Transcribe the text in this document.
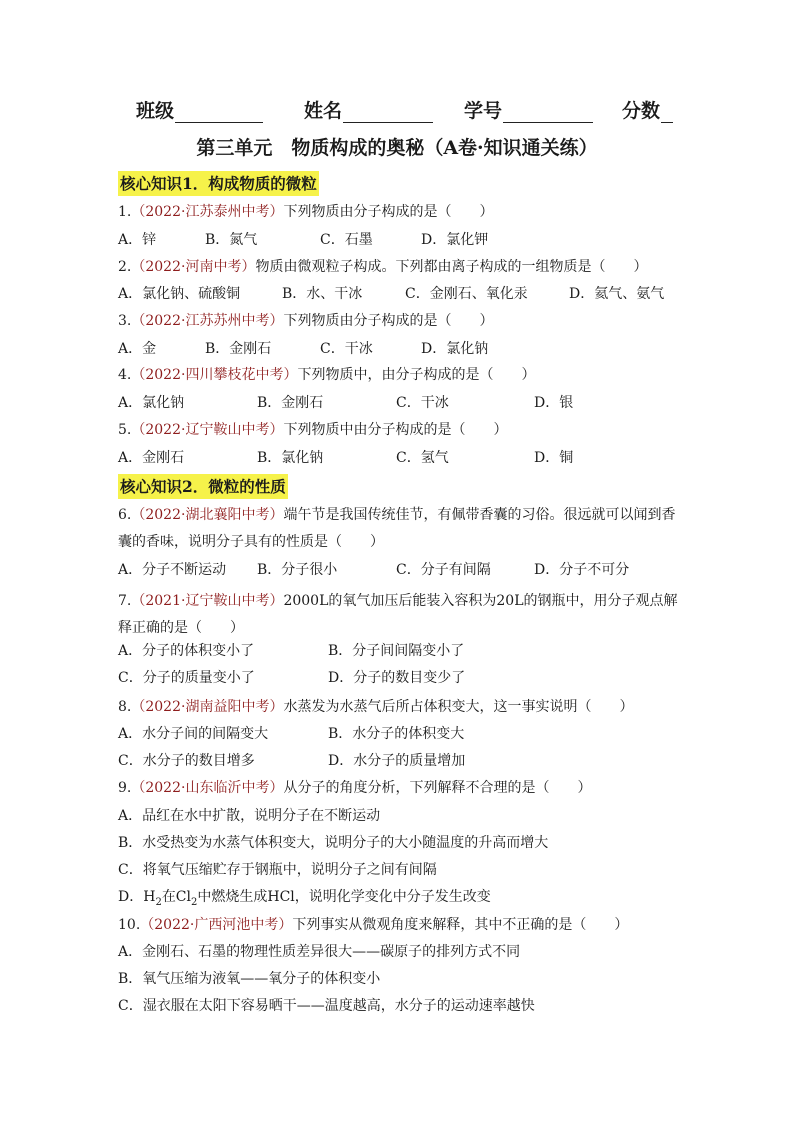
班级	姓名	学号	分数
第三单元　物质构成的奥秘（A卷·知识通关练）
核心知识1．构成物质的微粒
1.（2022·江苏泰州中考）下列物质由分子构成的是（　　）
A．锌	B．氮气	C．石墨	D．氯化钾
2.（2022·河南中考）物质由微观粒子构成。下列都由离子构成的一组物质是（　　）
A．氯化钠、硫酸铜	B．水、干冰	C．金刚石、氧化汞	D．氦气、氨气
3.（2022·江苏苏州中考）下列物质由分子构成的是（　　）
A．金	B．金刚石	C．干冰	D．氯化钠
4.（2022·四川攀枝花中考）下列物质中，由分子构成的是（　　）
A．氯化钠	B．金刚石	C．干冰	D．银
5.（2022·辽宁鞍山中考）下列物质中由分子构成的是（　　）
A．金刚石	B．氯化钠	C．氢气	D．铜
核心知识2．微粒的性质
6.（2022·湖北襄阳中考）端午节是我国传统佳节，有佩带香囊的习俗。很远就可以闻到香囊的香味，说明分子具有的性质是（　　）
A．分子不断运动 B．分子很小	C．分子有间隔	D．分子不可分
7.（2021·辽宁鞍山中考）2000L的氧气加压后能装入容积为20L的钢瓶中，用分子观点解释正确的是（　　）
A．分子的体积变小了	B．分子间间隔变小了
C．分子的质量变小了	D．分子的数目变少了
8.（2022·湖南益阳中考）水蒸发为水蒸气后所占体积变大，这一事实说明（　　）
A．水分子间的间隔变大	B．水分子的体积变大
C．水分子的数目增多	D．水分子的质量增加
9.（2022·山东临沂中考）从分子的角度分析，下列解释不合理的是（　　）
A．品红在水中扩散，说明分子在不断运动
B．水受热变为水蒸气体积变大，说明分子的大小随温度的升高而增大
C．将氧气压缩贮存于钢瓶中，说明分子之间有间隔
D．$H_2$在$Cl_2$中燃烧生成HCl，说明化学变化中分子发生改变
10.（2022·广西河池中考）下列事实从微观角度来解释，其中不正确的是（　　）
A．金刚石、石墨的物理性质差异很大——碳原子的排列方式不同
B．氧气压缩为液氧——氧分子的体积变小
C．湿衣服在太阳下容易晒干——温度越高，水分子的运动速率越快
